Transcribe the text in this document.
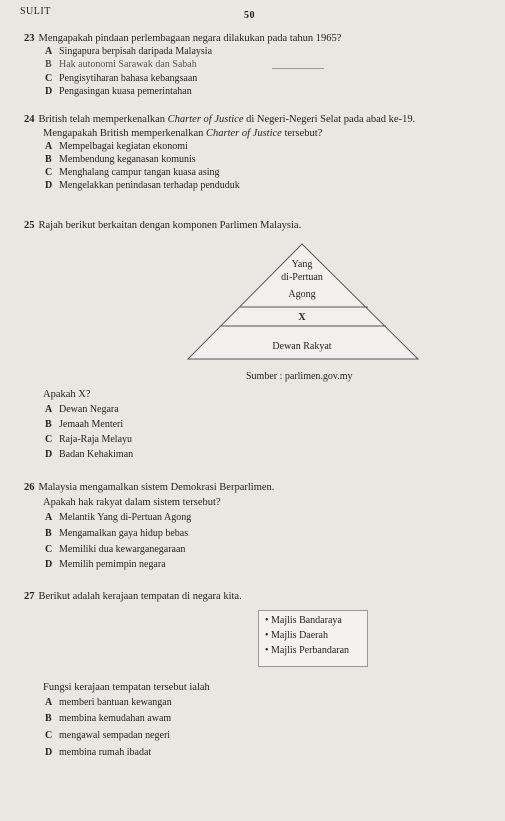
SULIT	50
23 Mengapakah pindaan perlembagaan negara dilakukan pada tahun 1965?
A Singapura berpisah daripada Malaysia
B Hak autonomi Sarawak dan Sabah
C Pengisytiharan bahasa kebangsaan
D Pengasingan kuasa pemerintahan
24 British telah memperkenalkan Charter of Justice di Negeri-Negeri Selat pada abad ke-19.
Mengapakah British memperkenalkan Charter of Justice tersebut?
A Mempelbagai kegiatan ekonomi
B Membendung keganasan komunis
C Menghalang campur tangan kuasa asing
D Mengelakkan penindasan terhadap penduduk
25 Rajah berikut berkaitan dengan komponen Parlimen Malaysia.
Yang
di-Pertuan
Agong
X
Dewan Rakyat
Sumber : parlimen.gov.my
Apakah X?
A Dewan Negara
B Jemaah Menteri
C Raja-Raja Melayu
D Badan Kehakiman
26 Malaysia mengamalkan sistem Demokrasi Berparlimen.
Apakah hak rakyat dalam sistem tersebut?
A Melantik Yang di-Pertuan Agong
B Mengamalkan gaya hidup bebas
C Memiliki dua kewarganegaraan
D Memilih pemimpin negara
27 Berikut adalah kerajaan tempatan di negara kita.
• Majlis Bandaraya
• Majlis Daerah
• Majlis Perbandaran
Fungsi kerajaan tempatan tersebut ialah
A memberi bantuan kewangan
B membina kemudahan awam
C mengawal sempadan negeri
D membina rumah ibadat
